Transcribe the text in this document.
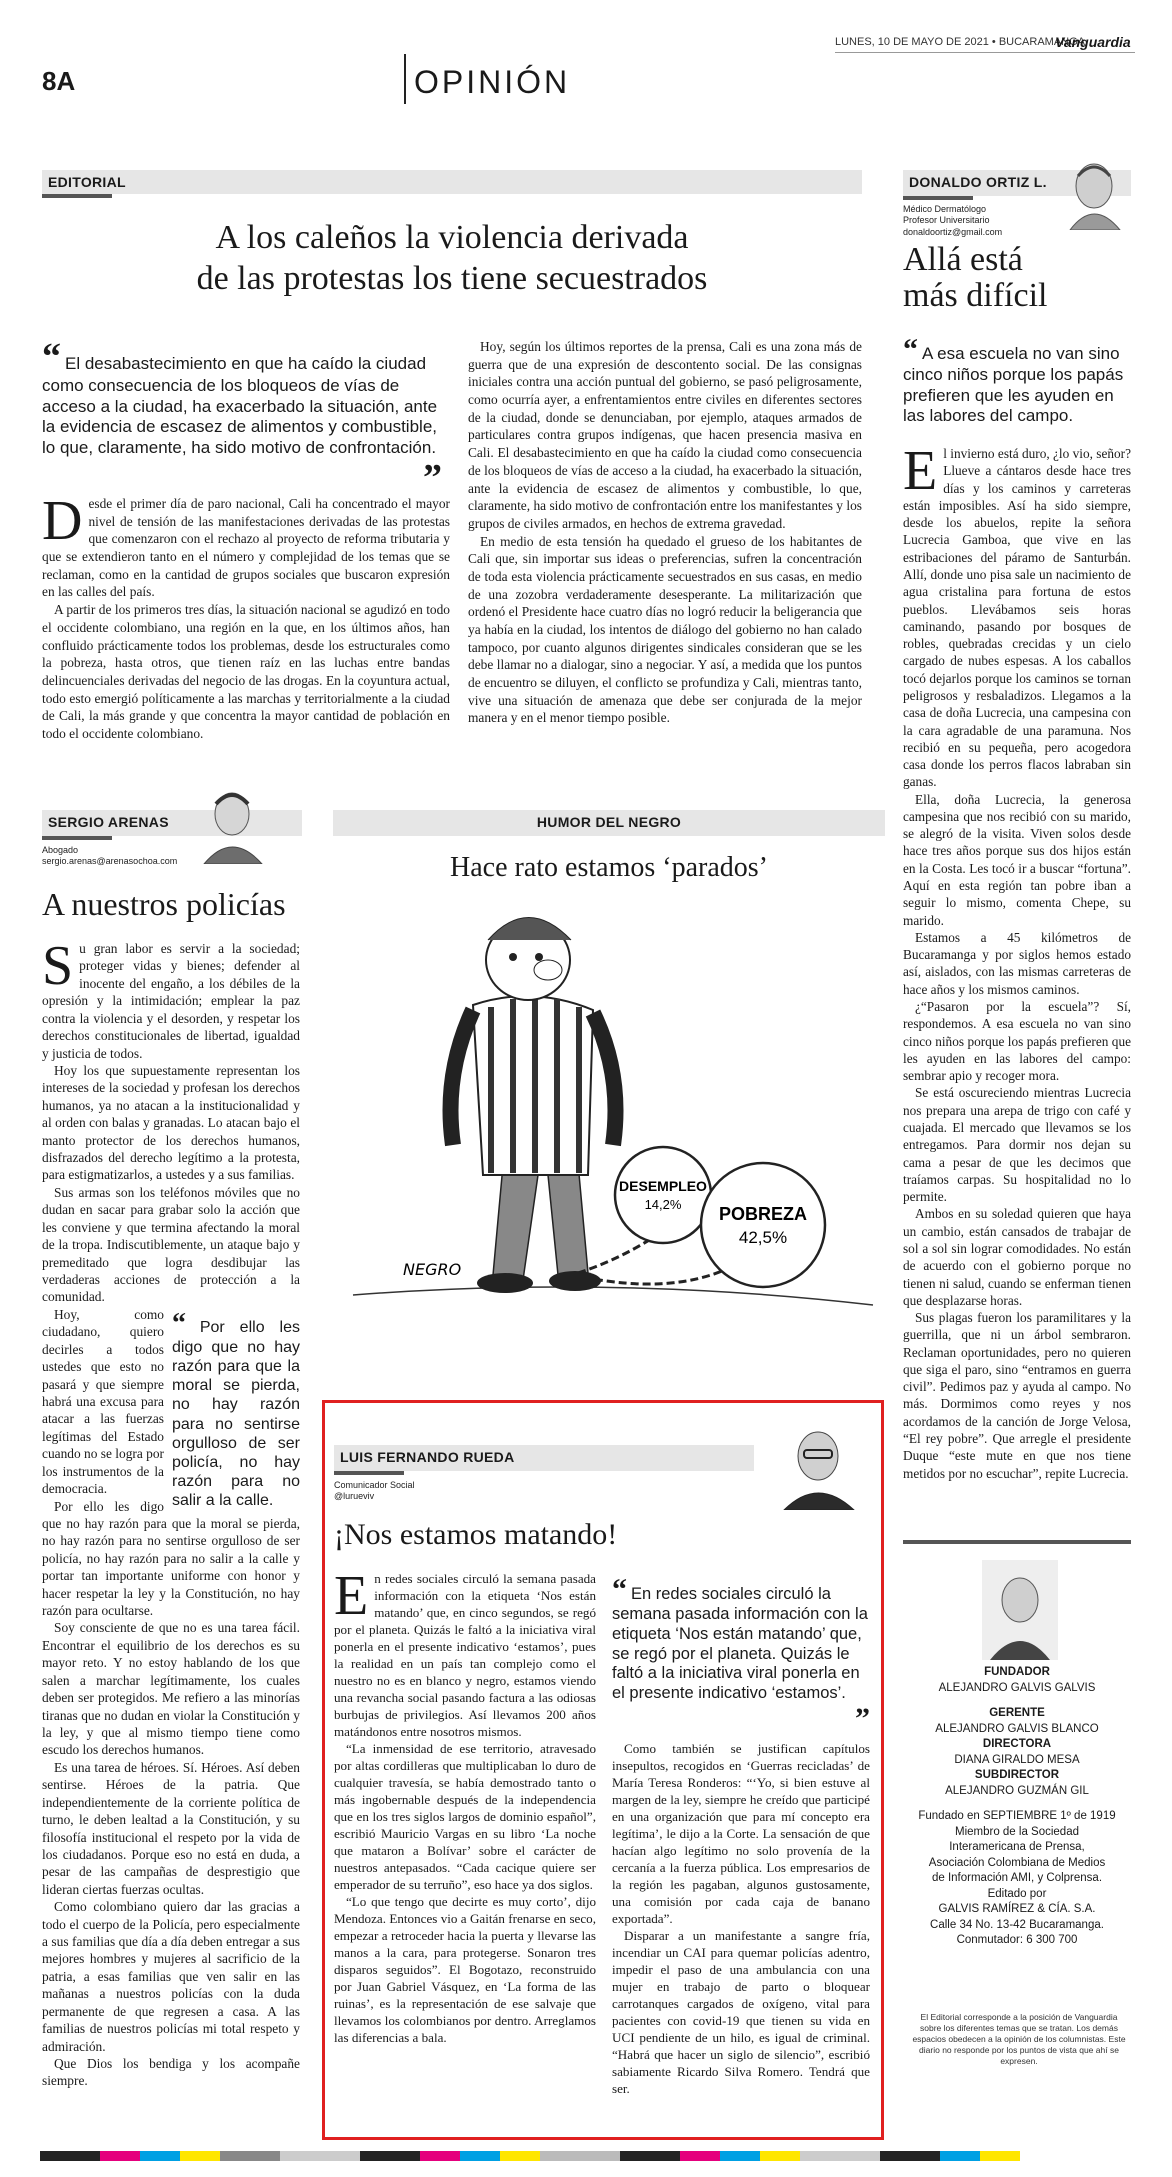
8A	OPINIÓN
LUNES, 10 DE MAYO DE 2021 • BUCARAMANGA
Vanguardia
EDITORIAL
A los caleños la violencia derivada
de las protestas los tiene secuestrados
“ El desabastecimiento en que ha caído la ciudad como consecuencia de los bloqueos de vías de acceso a la ciudad, ha exacerbado la situación, ante la evidencia de escasez de alimentos y combustible, lo que, claramente, ha sido motivo de confrontación.
”

Desde el primer día de paro nacional, Cali ha concentrado el mayor nivel de tensión de las manifestaciones derivadas de las protestas que comenzaron con el rechazo al proyecto de reforma tributaria y que se extendieron tanto en el número y complejidad de los temas que se reclaman, como en la cantidad de grupos sociales que buscaron expresión en las calles del país.

A partir de los primeros tres días, la situación nacional se agudizó en todo el occidente colombiano, una región en la que, en los últimos años, han confluido prácticamente todos los problemas, desde los estructurales como la pobreza, hasta otros, que tienen raíz en las luchas entre bandas delincuenciales derivadas del negocio de las drogas. En la coyuntura actual, todo esto emergió políticamente a las marchas y territorialmente a la ciudad de Cali, la más grande y que concentra la mayor cantidad de población en todo el occidente colombiano.

Hoy, según los últimos reportes de la prensa, Cali es una zona más de guerra que de una expresión de descontento social. De las consignas iniciales contra una acción puntual del gobierno, se pasó peligrosamente, como ocurría ayer, a enfrentamientos entre civiles en diferentes sectores de la ciudad, donde se denunciaban, por ejemplo, ataques armados de particulares contra grupos indígenas, que hacen presencia masiva en Cali. El desabastecimiento en que ha caído la ciudad como consecuencia de los bloqueos de vías de acceso a la ciudad, ha exacerbado la situación, ante la evidencia de escasez de alimentos y combustible, lo que, claramente, ha sido motivo de confrontación entre los manifestantes y los grupos de civiles armados, en hechos de extrema gravedad.

En medio de esta tensión ha quedado el grueso de los habitantes de Cali que, sin importar sus ideas o preferencias, sufren la concentración de toda esta violencia prácticamente secuestrados en sus casas, en medio de una zozobra verdaderamente desesperante. La militarización que ordenó el Presidente hace cuatro días no logró reducir la beligerancia que ya había en la ciudad, los intentos de diálogo del gobierno no han calado tampoco, por cuanto algunos dirigentes sindicales consideran que se les debe llamar no a dialogar, sino a negociar. Y así, a medida que los puntos de encuentro se diluyen, el conflicto se profundiza y Cali, mientras tanto, vive una situación de amenaza que debe ser conjurada de la mejor manera y en el menor tiempo posible.

DONALDO ORTIZ L.
Médico Dermatólogo
Profesor Universitario
donaldoortiz@gmail.com
Allá está
más difícil
“ A esa escuela no van sino cinco niños porque los papás prefieren que les ayuden en las labores del campo.

El invierno está duro, ¿lo vio, señor? Llueve a cántaros desde hace tres días y los caminos y carreteras están imposibles. Así ha sido siempre, desde los abuelos, repite la señora Lucrecia Gamboa, que vive en las estribaciones del páramo de Santurbán. Allí, donde uno pisa sale un nacimiento de agua cristalina para fortuna de estos pueblos. Llevábamos seis horas caminando, pasando por bosques de robles, quebradas crecidas y un cielo cargado de nubes espesas. A los caballos tocó dejarlos porque los caminos se tornan peligrosos y resbaladizos. Llegamos a la casa de doña Lucrecia, una campesina con la cara agradable de una paramuna. Nos recibió en su pequeña, pero acogedora casa donde los perros flacos labraban sin ganas.

Ella, doña Lucrecia, la generosa campesina que nos recibió con su marido, se alegró de la visita. Viven solos desde hace tres años porque sus dos hijos están en la Costa. Les tocó ir a buscar “fortuna”. Aquí en esta región tan pobre iban a seguir lo mismo, comenta Chepe, su marido.

Estamos a 45 kilómetros de Bucaramanga y por siglos hemos estado así, aislados, con las mismas carreteras de hace años y los mismos caminos.

¿“Pasaron por la escuela”? Sí, respondemos. A esa escuela no van sino cinco niños porque los papás prefieren que les ayuden en las labores del campo: sembrar apio y recoger mora.

Se está oscureciendo mientras Lucrecia nos prepara una arepa de trigo con café y cuajada. El mercado que llevamos se los entregamos. Para dormir nos dejan su cama a pesar de que les decimos que traíamos carpas. Su hospitalidad no lo permite.

Ambos en su soledad quieren que haya un cambio, están cansados de trabajar de sol a sol sin lograr comodidades. No están de acuerdo con el gobierno porque no tienen ni salud, cuando se enferman tienen que desplazarse horas.

Sus plagas fueron los paramilitares y la guerrilla, que ni un árbol sembraron. Reclaman oportunidades, pero no quieren que siga el paro, sino “entramos en guerra civil”. Pedimos paz y ayuda al campo. No más. Dormimos como reyes y nos acordamos de la canción de Jorge Velosa, “El rey pobre”. Que arregle el presidente Duque “este mute en que nos tiene metidos por no escuchar”, repite Lucrecia.

SERGIO ARENAS
Abogado
sergio.arenas@arenasochoa.com
A nuestros policías

Su gran labor es servir a la sociedad; proteger vidas y bienes; defender al inocente del engaño, a los débiles de la opresión y la intimidación; emplear la paz contra la violencia y el desorden, y respetar los derechos constitucionales de libertad, igualdad y justicia de todos.

Hoy los que supuestamente representan los intereses de la sociedad y profesan los derechos humanos, ya no atacan a la institucionalidad y al orden con balas y granadas. Lo atacan bajo el manto protector de los derechos humanos, disfrazados del derecho legítimo a la protesta, para estigmatizarlos, a ustedes y a sus familias.

Sus armas son los teléfonos móviles que no dudan en sacar para grabar solo la acción que les conviene y que termina afectando la moral de la tropa. Indiscutiblemente, un ataque bajo y premeditado que logra desdibujar las verdaderas acciones de protección a la comunidad.

“ Por ello les digo que no hay razón para que la moral se pierda, no hay razón para no sentirse orgulloso de ser policía, no hay razón para no salir a la calle.

Hoy, como ciudadano, quiero decirles a todos ustedes que esto no pasará y que siempre habrá una excusa para atacar a las fuerzas legítimas del Estado cuando no se logra por los instrumentos de la democracia.

Por ello les digo que no hay razón para que la moral se pierda, no hay razón para no sentirse orgulloso de ser policía, no hay razón para no salir a la calle y portar tan importante uniforme con honor y hacer respetar la ley y la Constitución, no hay razón para ocultarse.

Soy consciente de que no es una tarea fácil. Encontrar el equilibrio de los derechos es su mayor reto. Y no estoy hablando de los que salen a marchar legítimamente, los cuales deben ser protegidos. Me refiero a las minorías tiranas que no dudan en violar la Constitución y la ley, y que al mismo tiempo tiene como escudo los derechos humanos.

Es una tarea de héroes. Sí. Héroes. Así deben sentirse. Héroes de la patria. Que independientemente de la corriente política de turno, le deben lealtad a la Constitución, y su filosofía institucional el respeto por la vida de los ciudadanos. Porque eso no está en duda, a pesar de las campañas de desprestigio que lideran ciertas fuerzas ocultas.

Como colombiano quiero dar las gracias a todo el cuerpo de la Policía, pero especialmente a sus familias que día a día deben entregar a sus mejores hombres y mujeres al sacrificio de la patria, a esas familias que ven salir en las mañanas a nuestros policías con la duda permanente de que regresen a casa. A las familias de nuestros policías mi total respeto y admiración.

Que Dios los bendiga y los acompañe siempre.

HUMOR DEL NEGRO
Hace rato estamos ‘parados’
DESEMPLEO
14,2% POBREZA
42,5%
NEGRO
LUIS FERNANDO RUEDA
Comunicador Social
@lurueviv
¡Nos estamos matando!

En redes sociales circuló la semana pasada información con la etiqueta ‘Nos están matando’ que, en cinco segundos, se regó por el planeta. Quizás le faltó a la iniciativa viral ponerla en el presente indicativo ‘estamos’, pues la realidad en un país tan complejo como el nuestro no es en blanco y negro, estamos viendo una revancha social pasando factura a las odiosas burbujas de privilegios. Así llevamos 200 años matándonos entre nosotros mismos.

“La inmensidad de ese territorio, atravesado por altas cordilleras que multiplicaban lo duro de cualquier travesía, se había demostrado tanto o más ingobernable después de la independencia que en los tres siglos largos de dominio español”, escribió Mauricio Vargas en su libro ‘La noche que mataron a Bolívar’ sobre el carácter de nuestros antepasados. “Cada cacique quiere ser emperador de su terruño”, eso hace ya dos siglos.

“Lo que tengo que decirte es muy corto’, dijo Mendoza. Entonces vio a Gaitán frenarse en seco, empezar a retroceder hacia la puerta y llevarse las manos a la cara, para protegerse. Sonaron tres disparos seguidos”. El Bogotazo, reconstruido por Juan Gabriel Vásquez, en ‘La forma de las ruinas’, es la representación de ese salvaje que llevamos los colombianos por dentro. Arreglamos las diferencias a bala.

“ En redes sociales circuló la semana pasada información con la etiqueta ‘Nos están matando’ que, se regó por el planeta. Quizás le faltó a la iniciativa viral ponerla en el presente indicativo ‘estamos’.
”

Como también se justifican capítulos insepultos, recogidos en ‘Guerras recicladas’ de María Teresa Ronderos: “‘Yo, si bien estuve al margen de la ley, siempre he creído que participé en una organización que para mí concepto era legítima’, le dijo a la Corte. La sensación de que hacían algo legítimo no solo provenía de la cercanía a la fuerza pública. Los empresarios de la región les pagaban, algunos gustosamente, una comisión por cada caja de banano exportada”.

Disparar a un manifestante a sangre fría, incendiar un CAI para quemar policías adentro, impedir el paso de una ambulancia con una mujer en trabajo de parto o bloquear carrotanques cargados de oxígeno, vital para pacientes con covid-19 que tienen su vida en UCI pendiente de un hilo, es igual de criminal. “Habrá que hacer un siglo de silencio”, escribió sabiamente Ricardo Silva Romero. Tendrá que ser.

FUNDADOR
ALEJANDRO GALVIS GALVIS
GERENTE
ALEJANDRO GALVIS BLANCO
DIRECTORA
DIANA GIRALDO MESA
SUBDIRECTOR
ALEJANDRO GUZMÁN GIL
Fundado en SEPTIEMBRE 1º de 1919
Miembro de la Sociedad
Interamericana de Prensa,
Asociación Colombiana de Medios
de Información AMI, y Colprensa.
Editado por
GALVIS RAMÍREZ & CÍA. S.A.
Calle 34 No. 13-42 Bucaramanga.
Conmutador: 6 300 700
El Editorial corresponde a la posición de Vanguardia sobre los diferentes temas que se tratan. Los demás espacios obedecen a la opinión de los columnistas. Este diario no responde por los puntos de vista que ahí se expresen.
